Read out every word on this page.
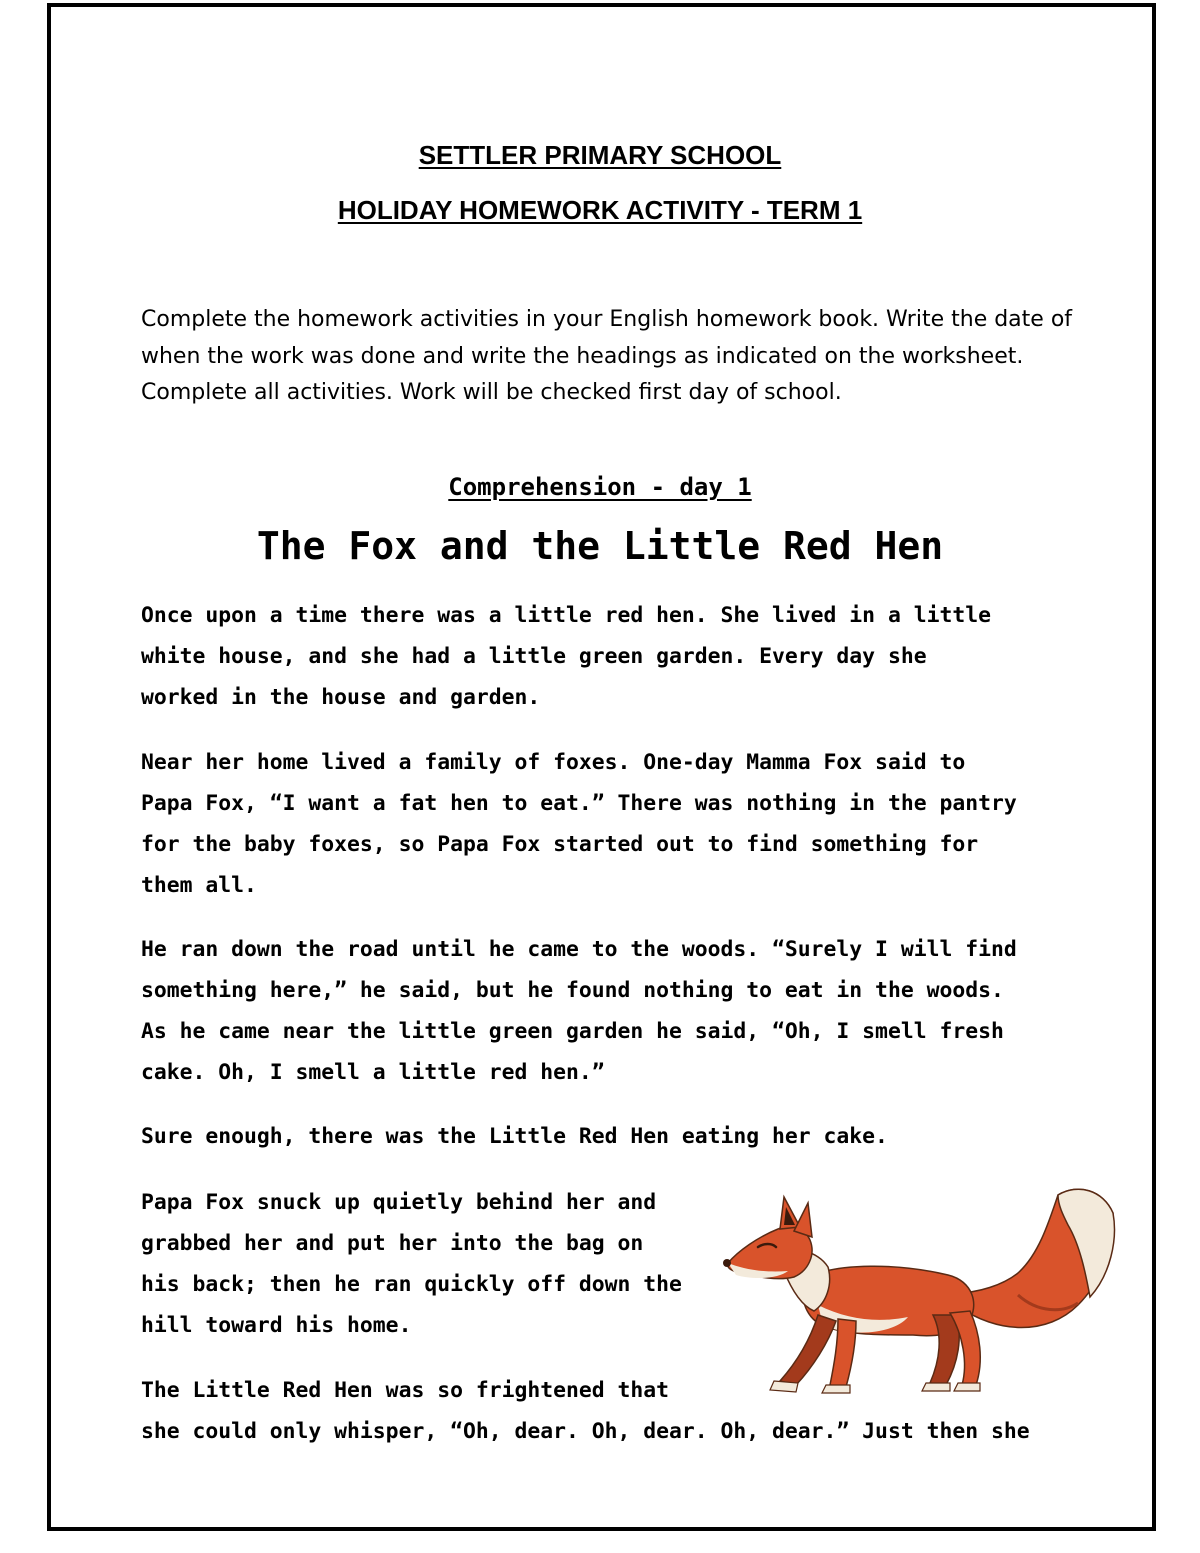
SETTLER PRIMARY SCHOOL
HOLIDAY HOMEWORK ACTIVITY - TERM 1

Complete the homework activities in your English homework book. Write the date of when the work was done and write the headings as indicated on the worksheet. Complete all activities. Work will be checked first day of school.

Comprehension - day 1
The Fox and the Little Red Hen
Once upon a time there was a little red hen. She lived in a little
white house, and she had a little green garden. Every day she
worked in the house and garden.
Near her home lived a family of foxes. One-day Mamma Fox said to
Papa Fox, “I want a fat hen to eat.” There was nothing in the pantry
for the baby foxes, so Papa Fox started out to find something for
them all.
He ran down the road until he came to the woods. “Surely I will find
something here,” he said, but he found nothing to eat in the woods.
As he came near the little green garden he said, “Oh, I smell fresh
cake. Oh, I smell a little red hen.”
Sure enough, there was the Little Red Hen eating her cake.
Papa Fox snuck up quietly behind her and
grabbed her and put her into the bag on
his back; then he ran quickly off down the
hill toward his home.
The Little Red Hen was so frightened that
she could only whisper, “Oh, dear. Oh, dear. Oh, dear.” Just then she
